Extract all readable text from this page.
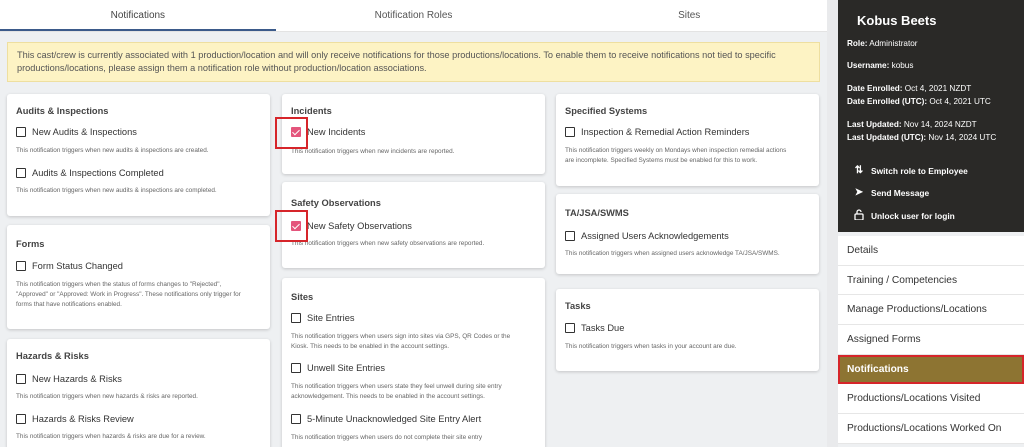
Notifications	Notification Roles	Sites
This cast/crew is currently associated with 1 production/location and will only receive notifications for those productions/locations. To enable them to receive notifications not tied to specific productions/locations, please assign them a notification role without production/location associations.
Audits & Inspections
New Audits & Inspections
This notification triggers when new audits & inspections are created.
Audits & Inspections Completed
This notification triggers when new audits & inspections are completed.
Forms
Form Status Changed
This notification triggers when the status of forms changes to "Rejected",
"Approved" or "Approved: Work in Progress". These notifications only trigger for
forms that have notifications enabled.
Hazards & Risks
New Hazards & Risks
This notification triggers when new hazards & risks are reported.
Hazards & Risks Review
This notification triggers when hazards & risks are due for a review.
Incidents
New Incidents
This notification triggers when new incidents are reported.
Safety Observations
New Safety Observations
This notification triggers when new safety observations are reported.
Sites
Site Entries
This notification triggers when users sign into sites via GPS, QR Codes or the
Kiosk. This needs to be enabled in the account settings.
Unwell Site Entries
This notification triggers when users state they feel unwell during site entry
acknowledgement. This needs to be enabled in the account settings.
5-Minute Unacknowledged Site Entry Alert
This notification triggers when users do not complete their site entry
Specified Systems
Inspection & Remedial Action Reminders
This notification triggers weekly on Mondays when inspection remedial actions
are incomplete. Specified Systems must be enabled for this to work.
TA/JSA/SWMS
Assigned Users Acknowledgements
This notification triggers when assigned users acknowledge TA/JSA/SWMS.
Tasks
Tasks Due
This notification triggers when tasks in your account are due.
Kobus Beets
Role: Administrator
Username: kobus
Date Enrolled: Oct 4, 2021 NZDT
Date Enrolled (UTC): Oct 4, 2021 UTC
Last Updated: Nov 14, 2024 NZDT
Last Updated (UTC): Nov 14, 2024 UTC
⇅ Switch role to Employee
➤ Send Message
Unlock user for login
Details
Training / Competencies
Manage Productions/Locations
Assigned Forms
Notifications
Productions/Locations Visited
Productions/Locations Worked On
